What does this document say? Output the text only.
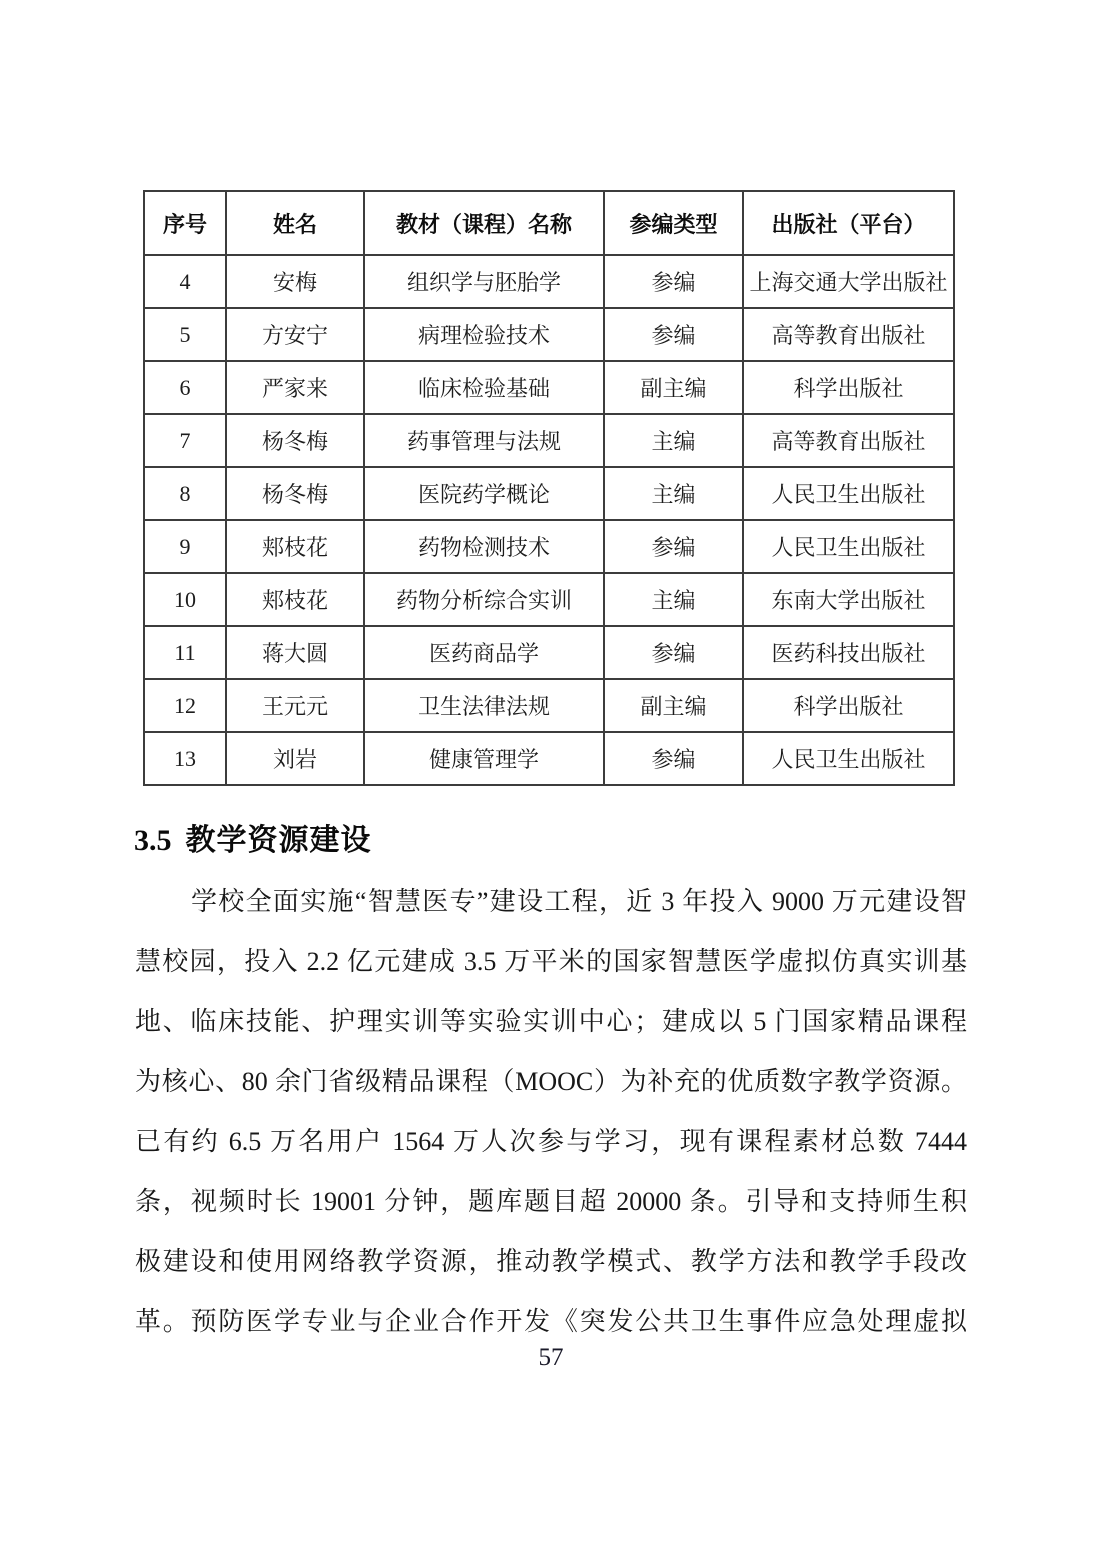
序号	姓名	教材（课程）名称	参编类型	出版社（平台）
4	安梅	组织学与胚胎学	参编	上海交通大学出版社
5	方安宁	病理检验技术	参编	高等教育出版社
6	严家来	临床检验基础	副主编	科学出版社
7	杨冬梅	药事管理与法规	主编	高等教育出版社
8	杨冬梅	医院药学概论	主编	人民卫生出版社
9	郏枝花	药物检测技术	参编	人民卫生出版社
10	郏枝花	药物分析综合实训	主编	东南大学出版社
11	蒋大圆	医药商品学	参编	医药科技出版社
12	王元元	卫生法律法规	副主编	科学出版社
13	刘岩	健康管理学	参编	人民卫生出版社
3.5 教学资源建设
学校全面实施“智慧医专”建设工程，近 3 年投入 9000 万元建设智
慧校园，投入 2.2 亿元建成 3.5 万平米的国家智慧医学虚拟仿真实训基
地、临床技能、护理实训等实验实训中心；建成以 5 门国家精品课程
为核心、80 余门省级精品课程（MOOC）为补充的优质数字教学资源。
已有约 6.5 万名用户 1564 万人次参与学习，现有课程素材总数 7444
条，视频时长 19001 分钟，题库题目超 20000 条。引导和支持师生积
极建设和使用网络教学资源，推动教学模式、教学方法和教学手段改
革。预防医学专业与企业合作开发《突发公共卫生事件应急处理虚拟
57
